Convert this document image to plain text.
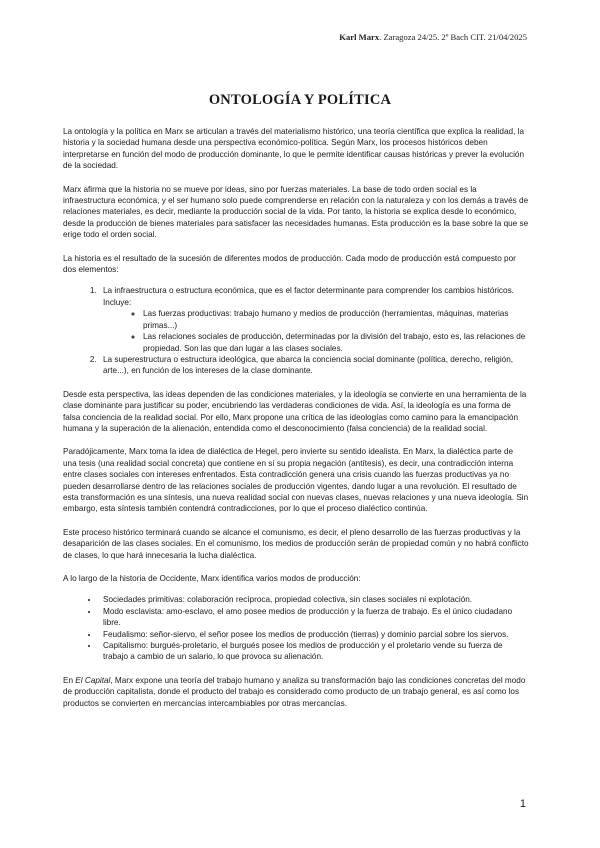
Karl Marx. Zaragoza 24/25. 2º Bach CIT. 21/04/2025
ONTOLOGÍA Y POLÍTICA

La ontología y la política en Marx se articulan a través del materialismo histórico, una teoría científica que explica la realidad, la historia y la sociedad humana desde una perspectiva económico-política. Según Marx, los procesos históricos deben interpretarse en función del modo de producción dominante, lo que le permite identificar causas históricas y prever la evolución de la sociedad.

Marx afirma que la historia no se mueve por ideas, sino por fuerzas materiales. La base de todo orden social es la infraestructura económica, y el ser humano solo puede comprenderse en relación con la naturaleza y con los demás a través de relaciones materiales, es decir, mediante la producción social de la vida. Por tanto, la historia se explica desde lo económico, desde la producción de bienes materiales para satisfacer las necesidades humanas. Esta producción es la base sobre la que se erige todo el orden social.

La historia es el resultado de la sucesión de diferentes modos de producción. Cada modo de producción está compuesto por dos elementos:

1. La infraestructura o estructura económica, que es el factor determinante para comprender los cambios históricos. Incluye:
◦ Las fuerzas productivas: trabajo humano y medios de producción (herramientas, máquinas, materias primas...)
◦ Las relaciones sociales de producción, determinadas por la división del trabajo, esto es, las relaciones de propiedad. Son las que dan lugar a las clases sociales.
2. La superestructura o estructura ideológica, que abarca la conciencia social dominante (política, derecho, religión, arte...), en función de los intereses de la clase dominante.

Desde esta perspectiva, las ideas dependen de las condiciones materiales, y la ideología se convierte en una herramienta de la clase dominante para justificar su poder, encubriendo las verdaderas condiciones de vida. Así, la ideología es una forma de falsa conciencia de la realidad social. Por ello, Marx propone una crítica de las ideologías como camino para la emancipación humana y la superación de la alienación, entendida como el desconocimiento (falsa conciencia) de la realidad social.

Paradójicamente, Marx toma la idea de dialéctica de Hegel, pero invierte su sentido idealista. En Marx, la dialéctica parte de una tesis (una realidad social concreta) que contiene en sí su propia negación (antítesis), es decir, una contradicción interna entre clases sociales con intereses enfrentados. Esta contradicción genera una crisis cuando las fuerzas productivas ya no pueden desarrollarse dentro de las relaciones sociales de producción vigentes, dando lugar a una revolución. El resultado de esta transformación es una síntesis, una nueva realidad social con nuevas clases, nuevas relaciones y una nueva ideología. Sin embargo, esta síntesis también contendrá contradicciones, por lo que el proceso dialéctico continúa.

Este proceso histórico terminará cuando se alcance el comunismo, es decir, el pleno desarrollo de las fuerzas productivas y la desaparición de las clases sociales. En el comunismo, los medios de producción serán de propiedad común y no habrá conflicto de clases, lo que hará innecesaria la lucha dialéctica.

A lo largo de la historia de Occidente, Marx identifica varios modos de producción:

• Sociedades primitivas: colaboración recíproca, propiedad colectiva, sin clases sociales ni explotación.
• Modo esclavista: amo-esclavo, el amo posee medios de producción y la fuerza de trabajo. Es el único ciudadano libre.
• Feudalismo: señor-siervo, el señor posee los medios de producción (tierras) y dominio parcial sobre los siervos.
• Capitalismo: burgués-proletario, el burgués posee los medios de producción y el proletario vende su fuerza de trabajo a cambio de un salario, lo que provoca su alienación.

En El Capital, Marx expone una teoría del trabajo humano y analiza su transformación bajo las condiciones concretas del modo de producción capitalista, donde el producto del trabajo es considerado como producto de un trabajo general, es así como los productos se convierten en mercancías intercambiables por otras mercancías.

1
